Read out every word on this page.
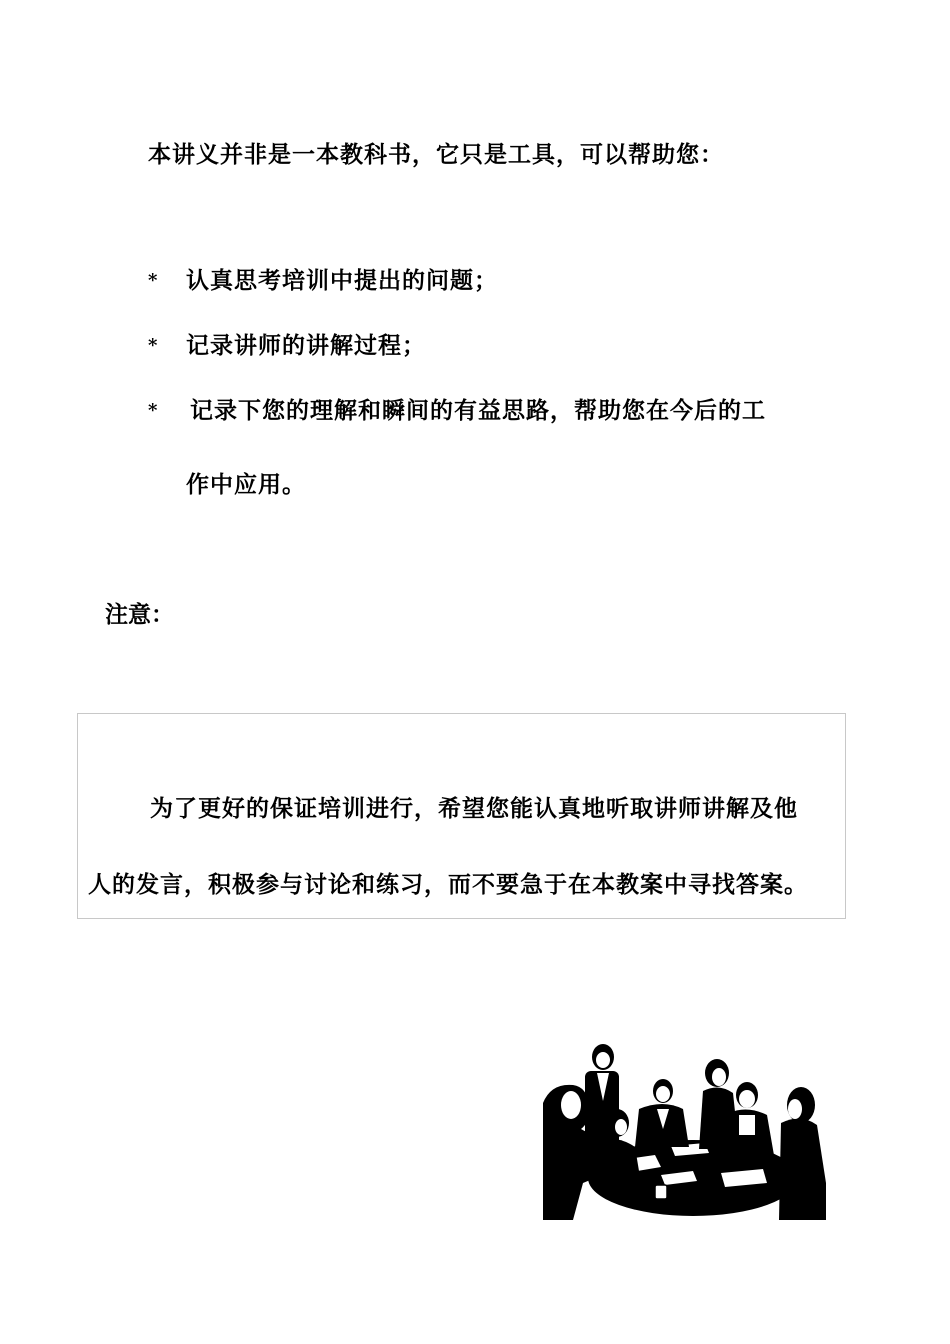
本讲义并非是一本教科书，它只是工具，可以帮助您：
* 认真思考培训中提出的问题；
* 记录讲师的讲解过程；
* 记录下您的理解和瞬间的有益思路，帮助您在今后的工
作中应用。
注意：
为了更好的保证培训进行，希望您能认真地听取讲师讲解及他
人的发言，积极参与讨论和练习，而不要急于在本教案中寻找答案。
